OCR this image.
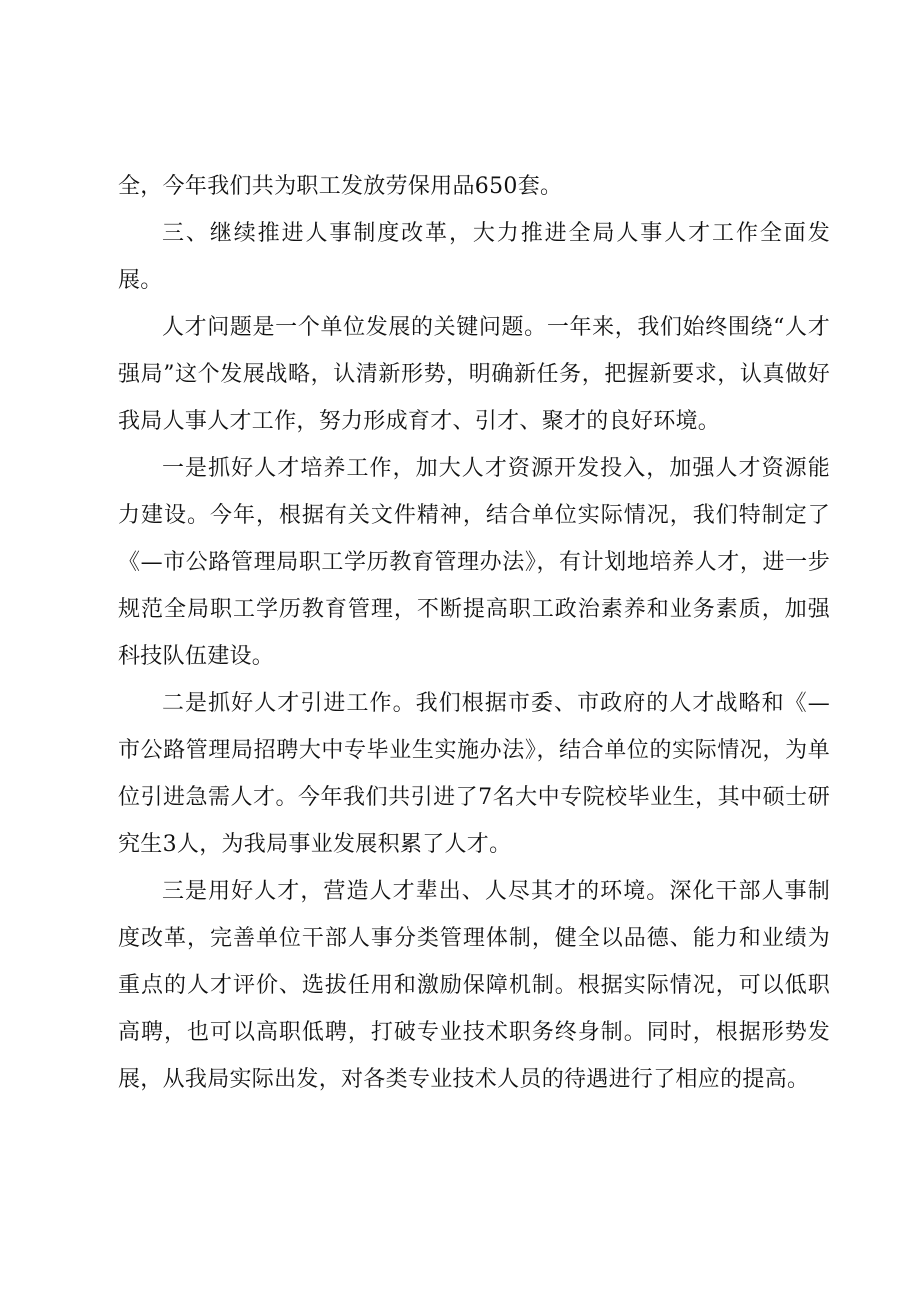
全，今年我们共为职工发放劳保用品650套。

三、继续推进人事制度改革，大力推进全局人事人才工作全面发展。

人才问题是一个单位发展的关键问题。一年来，我们始终围绕“人才强局”这个发展战略，认清新形势，明确新任务，把握新要求，认真做好我局人事人才工作，努力形成育才、引才、聚才的良好环境。

一是抓好人才培养工作，加大人才资源开发投入，加强人才资源能力建设。今年，根据有关文件精神，结合单位实际情况，我们特制定了《—市公路管理局职工学历教育管理办法》，有计划地培养人才，进一步规范全局职工学历教育管理，不断提高职工政治素养和业务素质，加强科技队伍建设。

二是抓好人才引进工作。我们根据市委、市政府的人才战略和《—市公路管理局招聘大中专毕业生实施办法》，结合单位的实际情况，为单位引进急需人才。今年我们共引进了7名大中专院校毕业生，其中硕士研究生3人，为我局事业发展积累了人才。

三是用好人才，营造人才辈出、人尽其才的环境。深化干部人事制度改革，完善单位干部人事分类管理体制，健全以品德、能力和业绩为重点的人才评价、选拔任用和激励保障机制。根据实际情况，可以低职高聘，也可以高职低聘，打破专业技术职务终身制。同时，根据形势发展，从我局实际出发，对各类专业技术人员的待遇进行了相应的提高。
